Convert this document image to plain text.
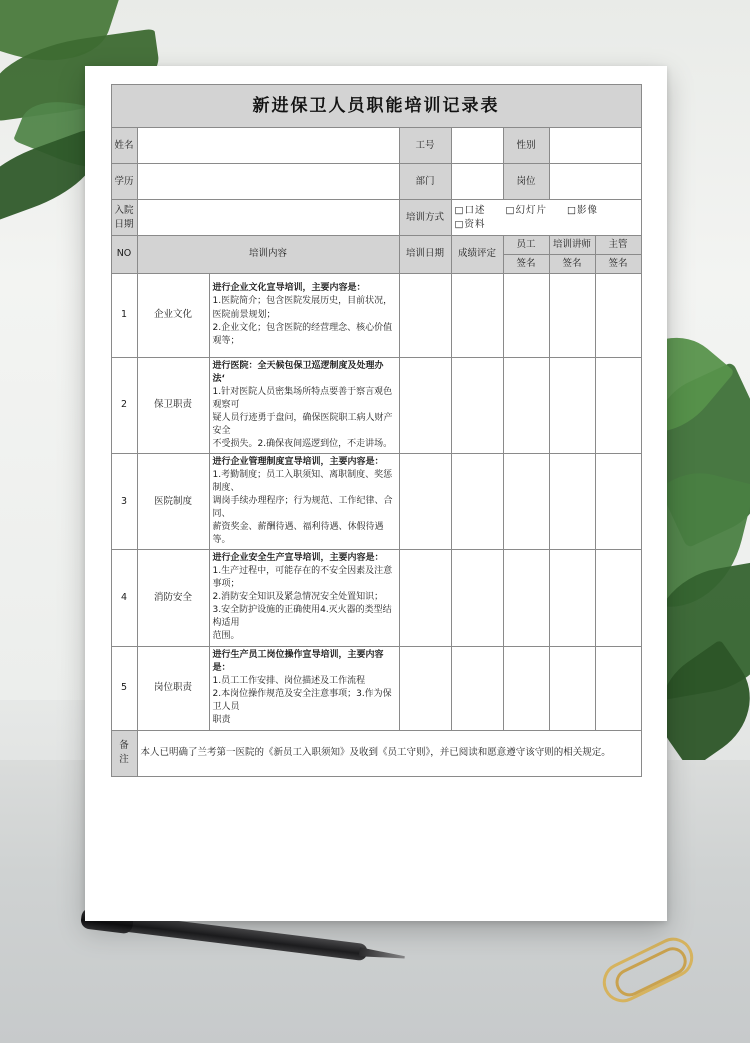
新进保卫人员职能培训记录表							
姓名			工号		性别		
学历			部门		岗位		
入院日期			培训方式	□口述 □幻灯片 □影像□资料			
NO	培训内容		培训日期	成绩评定	员工	培训讲师	主管
					签名	签名	签名
1	企业文化	进行企业文化宣导培训，主要内容是：
1.医院简介；包含医院发展历史，目前状况，
医院前景规划；
2.企业文化；包含医院的经营理念、核心价值观等；					
2	保卫职责	进行医院：全天候包保卫巡逻制度及处理办法‘
1.针对医院人员密集场所特点要善于察言观色观察可
疑人员行迹勇于盘问，确保医院职工病人财产安全
不受损失。2.确保夜间巡逻到位，不走讲场。					
3	医院制度	进行企业管理制度宣导培训，主要内容是：
1.考勤制度；员工入职须知、离职制度、奖惩制度、
调岗手续办理程序；行为规范、工作纪律、合同、
薪资奖金、薪酬待遇、福利待遇、休假待遇等。					
4	消防安全	进行企业安全生产宣导培训，主要内容是：
1.生产过程中，可能存在的不安全因素及注意事项；
2.消防安全知识及紧急情况安全处置知识；
3.安全防护设施的正确使用4.灭火器的类型结构适用
范围。					
5	岗位职责	进行生产员工岗位操作宣导培训，主要内容是：
1.员工工作安排、岗位描述及工作流程
2.本岗位操作规范及安全注意事项；3.作为保卫人员
职责					

备
注	本人已明确了兰考第一医院的《新员工入职须知》及收到《员工守则》，并已阅读和愿意遵守该守则的相关规定。						
